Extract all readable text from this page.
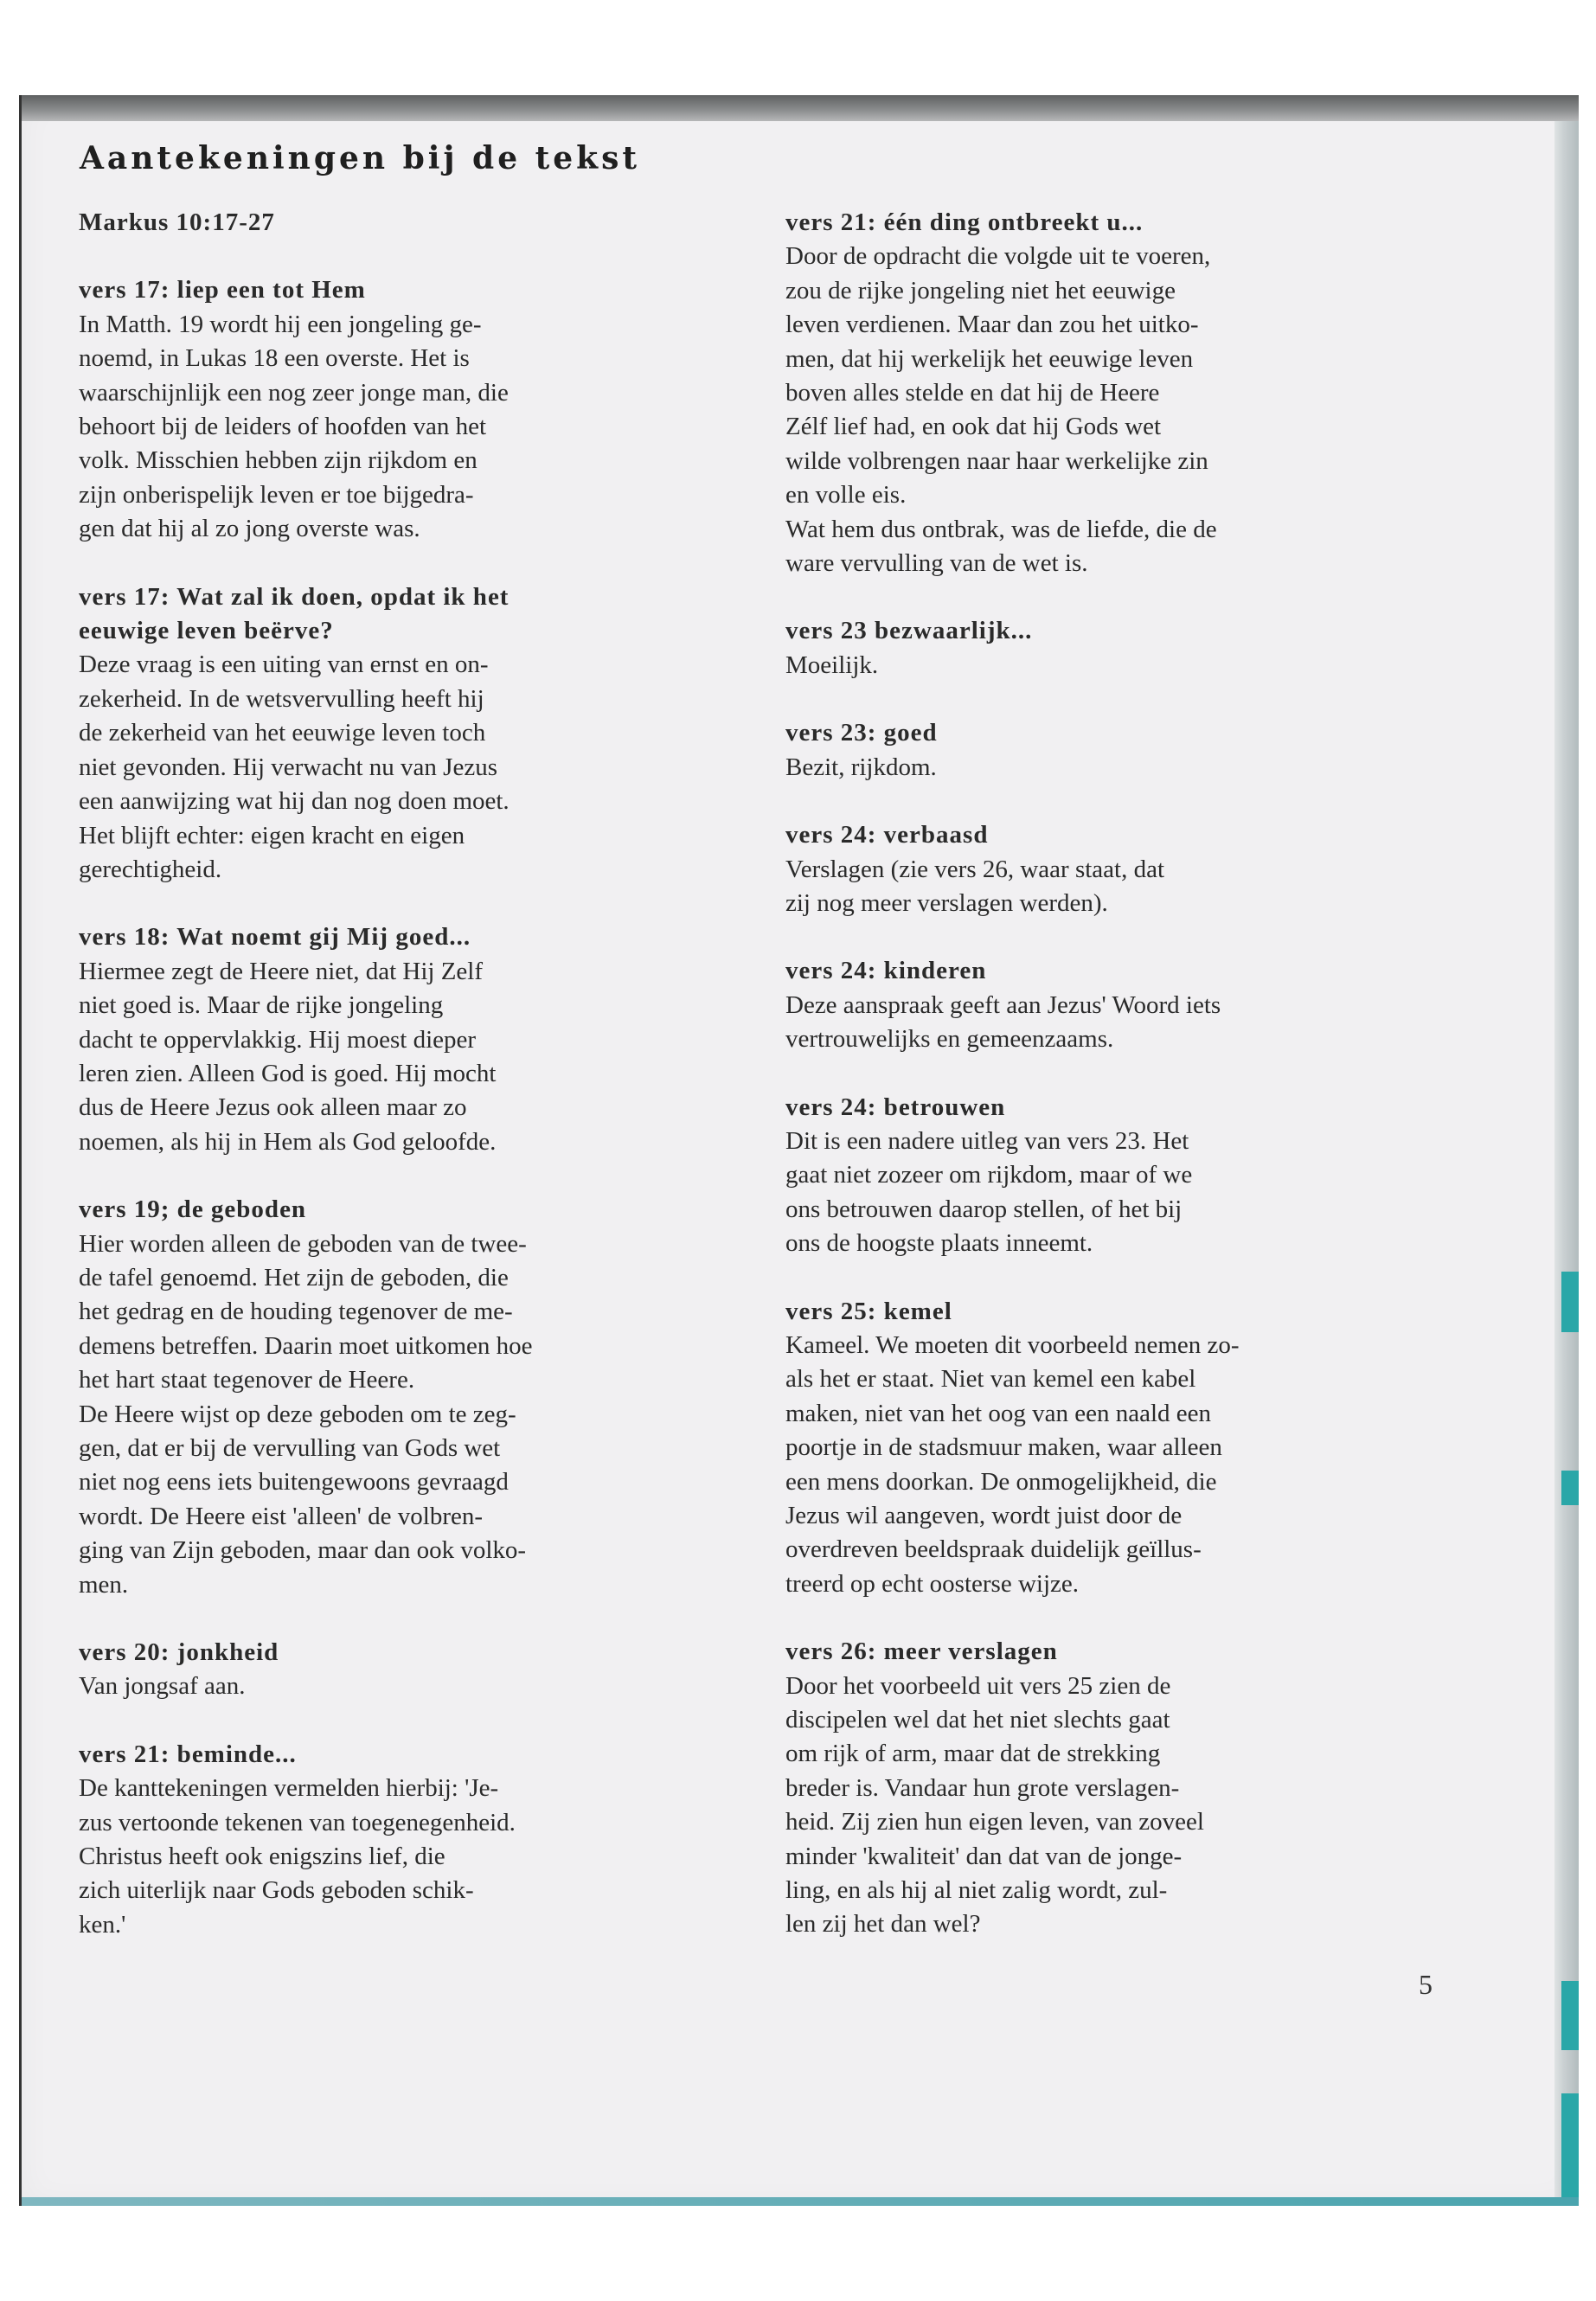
Aantekeningen bij de tekst
Markus 10:17-27
vers 17: liep een tot Hem
In Matth. 19 wordt hij een jongeling ge-
noemd, in Lukas 18 een overste. Het is
waarschijnlijk een nog zeer jonge man, die
behoort bij de leiders of hoofden van het
volk. Misschien hebben zijn rijkdom en
zijn onberispelijk leven er toe bijgedra-
gen dat hij al zo jong overste was.
vers 17: Wat zal ik doen, opdat ik het
eeuwige leven beërve?
Deze vraag is een uiting van ernst en on-
zekerheid. In de wetsvervulling heeft hij
de zekerheid van het eeuwige leven toch
niet gevonden. Hij verwacht nu van Jezus
een aanwijzing wat hij dan nog doen moet.
Het blijft echter: eigen kracht en eigen
gerechtigheid.
vers 18: Wat noemt gij Mij goed...
Hiermee zegt de Heere niet, dat Hij Zelf
niet goed is. Maar de rijke jongeling
dacht te oppervlakkig. Hij moest dieper
leren zien. Alleen God is goed. Hij mocht
dus de Heere Jezus ook alleen maar zo
noemen, als hij in Hem als God geloofde.
vers 19; de geboden
Hier worden alleen de geboden van de twee-
de tafel genoemd. Het zijn de geboden, die
het gedrag en de houding tegenover de me-
demens betreffen. Daarin moet uitkomen hoe
het hart staat tegenover de Heere.
De Heere wijst op deze geboden om te zeg-
gen, dat er bij de vervulling van Gods wet
niet nog eens iets buitengewoons gevraagd
wordt. De Heere eist 'alleen' de volbren-
ging van Zijn geboden, maar dan ook volko-
men.
vers 20: jonkheid
Van jongsaf aan.
vers 21: beminde...
De kanttekeningen vermelden hierbij: 'Je-
zus vertoonde tekenen van toegenegenheid.
Christus heeft ook enigszins lief, die
zich uiterlijk naar Gods geboden schik-
ken.'
vers 21: één ding ontbreekt u...
Door de opdracht die volgde uit te voeren,
zou de rijke jongeling niet het eeuwige
leven verdienen. Maar dan zou het uitko-
men, dat hij werkelijk het eeuwige leven
boven alles stelde en dat hij de Heere
Zélf lief had, en ook dat hij Gods wet
wilde volbrengen naar haar werkelijke zin
en volle eis.
Wat hem dus ontbrak, was de liefde, die de
ware vervulling van de wet is.
vers 23 bezwaarlijk...
Moeilijk.
vers 23: goed
Bezit, rijkdom.
vers 24: verbaasd
Verslagen (zie vers 26, waar staat, dat
zij nog meer verslagen werden).
vers 24: kinderen
Deze aanspraak geeft aan Jezus' Woord iets
vertrouwelijks en gemeenzaams.
vers 24: betrouwen
Dit is een nadere uitleg van vers 23. Het
gaat niet zozeer om rijkdom, maar of we
ons betrouwen daarop stellen, of het bij
ons de hoogste plaats inneemt.
vers 25: kemel
Kameel. We moeten dit voorbeeld nemen zo-
als het er staat. Niet van kemel een kabel
maken, niet van het oog van een naald een
poortje in de stadsmuur maken, waar alleen
een mens doorkan. De onmogelijkheid, die
Jezus wil aangeven, wordt juist door de
overdreven beeldspraak duidelijk geïllus-
treerd op echt oosterse wijze.
vers 26: meer verslagen
Door het voorbeeld uit vers 25 zien de
discipelen wel dat het niet slechts gaat
om rijk of arm, maar dat de strekking
breder is. Vandaar hun grote verslagen-
heid. Zij zien hun eigen leven, van zoveel
minder 'kwaliteit' dan dat van de jonge-
ling, en als hij al niet zalig wordt, zul-
len zij het dan wel?
5
